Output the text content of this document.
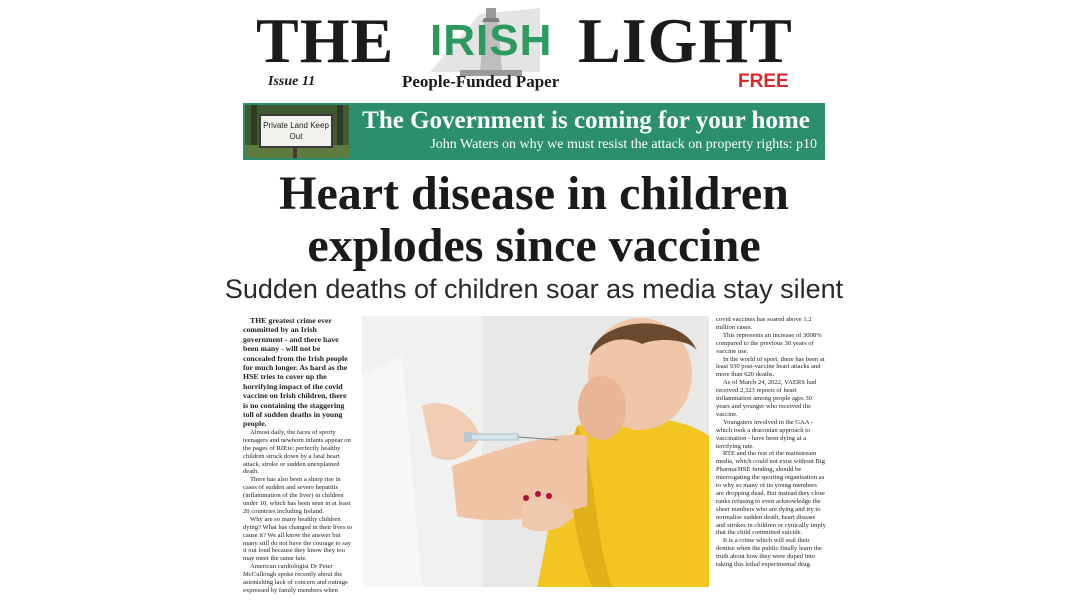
THE IRISH LIGHT
Issue 11	People-Funded Paper	FREE
Private Land Keep Out
The Government is coming for your home
John Waters on why we must resist the attack on property rights: p10
Heart disease in children
explodes since vaccine
Sudden deaths of children soar as media stay silent

THE greatest crime ever committed by an Irish government - and there have been many - will not be concealed from the Irish people for much longer. As hard as the HSE tries to cover up the horrifying impact of the covid vaccine on Irish children, there is no containing the staggering toll of sudden deaths in young people.

Almost daily, the faces of sporty teenagers and newborn infants appear on the pages of RIP.ie: perfectly healthy children struck down by a fatal heart attack, stroke or sudden unexplained death.

There has also been a sharp rise in cases of sudden and severe hepatitis (inflammation of the liver) in children under 10, which has been seen in at least 20 countries including Ireland.

Why are so many healthy children dying? What has changed in their lives to cause it? We all know the answer but many still do not have the courage to say it out loud because they know they too may meet the same fate.

American cardiologist Dr Peter McCullough spoke recently about the astonishing lack of concern and outrage expressed by family members when

covid vaccines has soared above 1.2 million cases.

This represents an increase of 3008% compared to the previous 30 years of vaccine use.

In the world of sport, there has been at least 930 post-vaccine heart attacks and more than 620 deaths.

As of March 24, 2022, VAERS had received 2,323 reports of heart inflammation among people ages 30 years and younger who received the vaccine.

Youngsters involved in the GAA - which took a draconian approach to vaccination - have been dying at a terrifying rate.

RTE and the rest of the mainstream media, which could not exist without Big Pharma/HSE funding, should be interrogating the sporting organisation as to why so many of its young members are dropping dead. But instead they close ranks refusing to even acknowledge the sheer numbers who are dying and try to normalise sudden death, heart disease and strokes in children or cynically imply that the child committed suicide.

It is a crime which will seal their demise when the public finally learn the truth about how they were duped into taking this lethal experimental drug.
